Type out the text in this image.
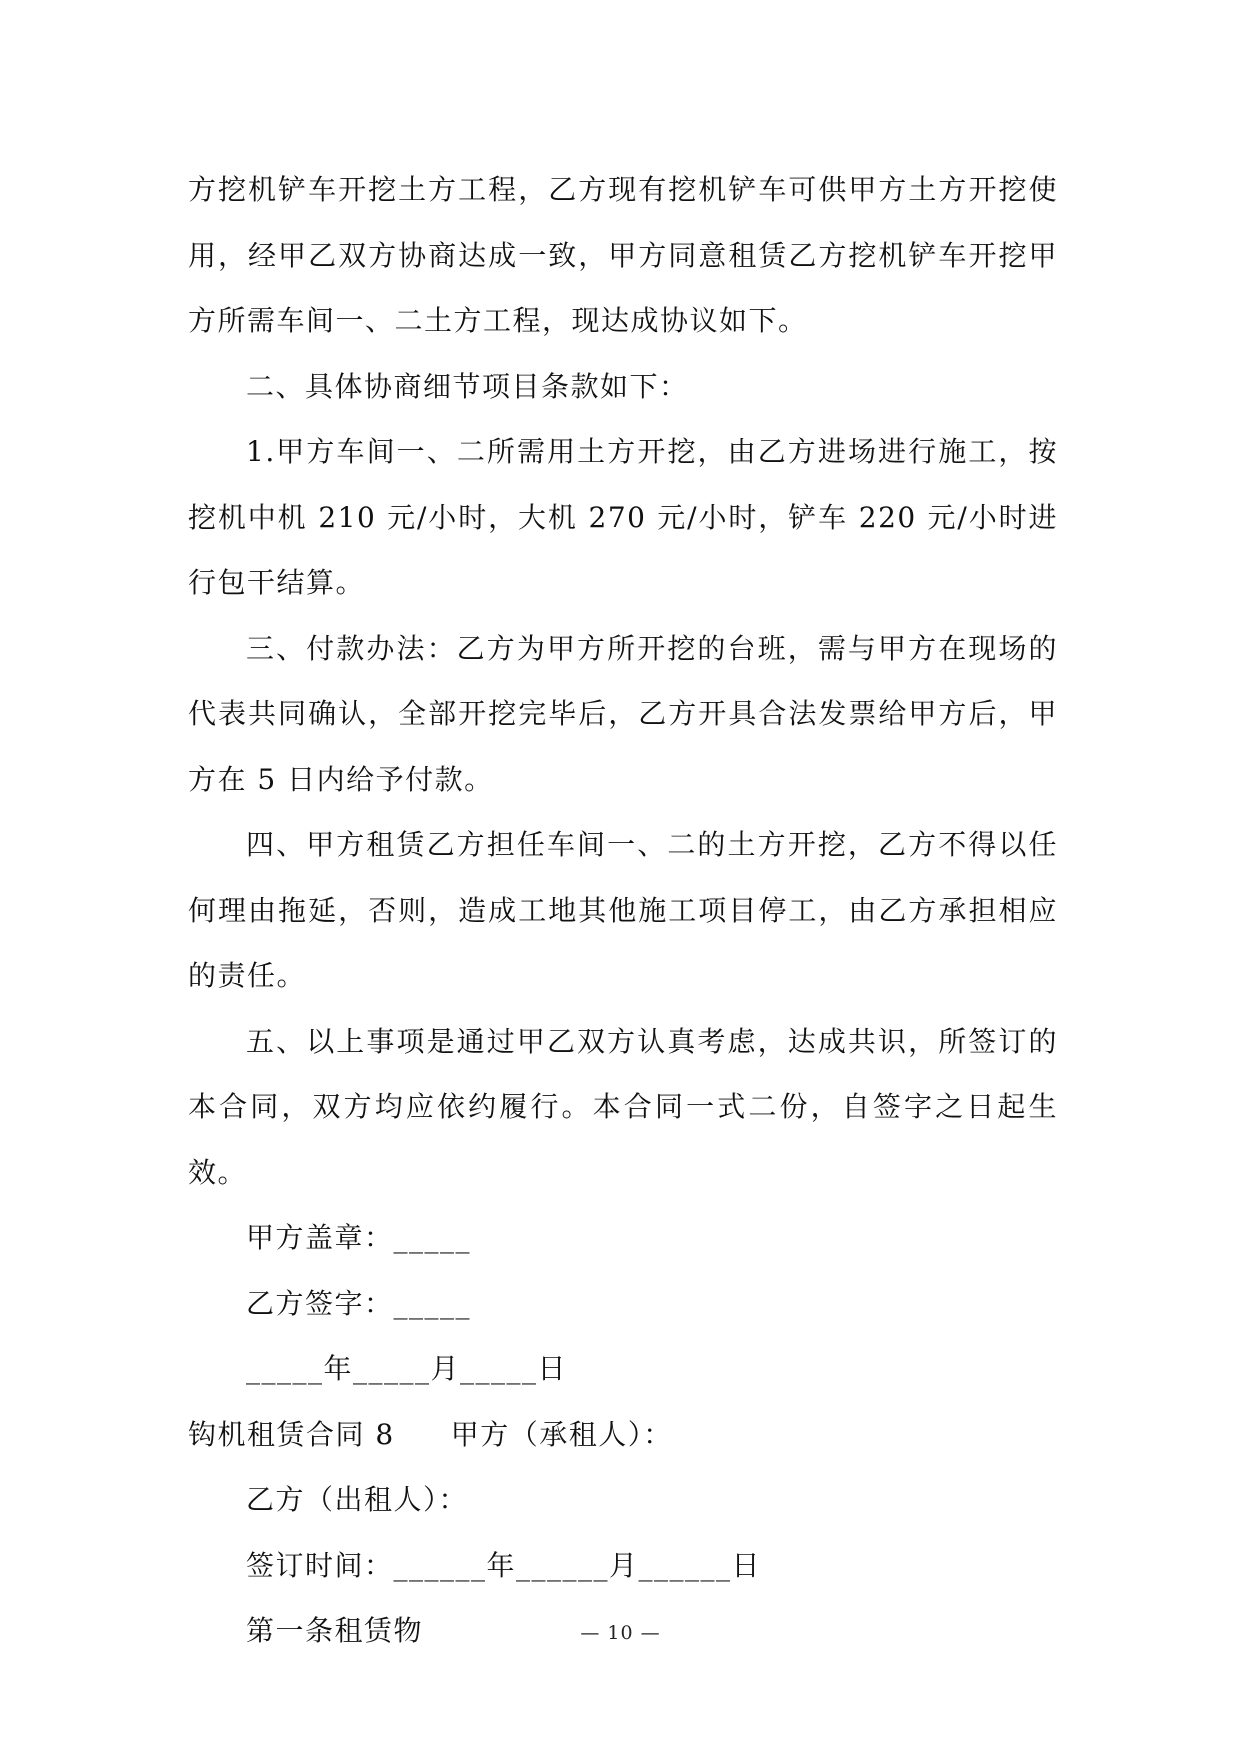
方挖机铲车开挖土方工程，乙方现有挖机铲车可供甲方土方开挖使用，经甲乙双方协商达成一致，甲方同意租赁乙方挖机铲车开挖甲方所需车间一、二土方工程，现达成协议如下。

二、具体协商细节项目条款如下：

1.甲方车间一、二所需用土方开挖，由乙方进场进行施工，按挖机中机 210 元/小时，大机 270 元/小时，铲车 220 元/小时进行包干结算。

三、付款办法：乙方为甲方所开挖的台班，需与甲方在现场的代表共同确认，全部开挖完毕后，乙方开具合法发票给甲方后，甲方在 5 日内给予付款。

四、甲方租赁乙方担任车间一、二的土方开挖，乙方不得以任何理由拖延，否则，造成工地其他施工项目停工，由乙方承担相应的责任。

五、以上事项是通过甲乙双方认真考虑，达成共识，所签订的本合同，双方均应依约履行。本合同一式二份，自签字之日起生效。

甲方盖章：_____

乙方签字：_____

_____年_____月_____日

钩机租赁合同 8 甲方（承租人）：

乙方（出租人）：

签订时间：______年______月______日

第一条租赁物	— 10 —
